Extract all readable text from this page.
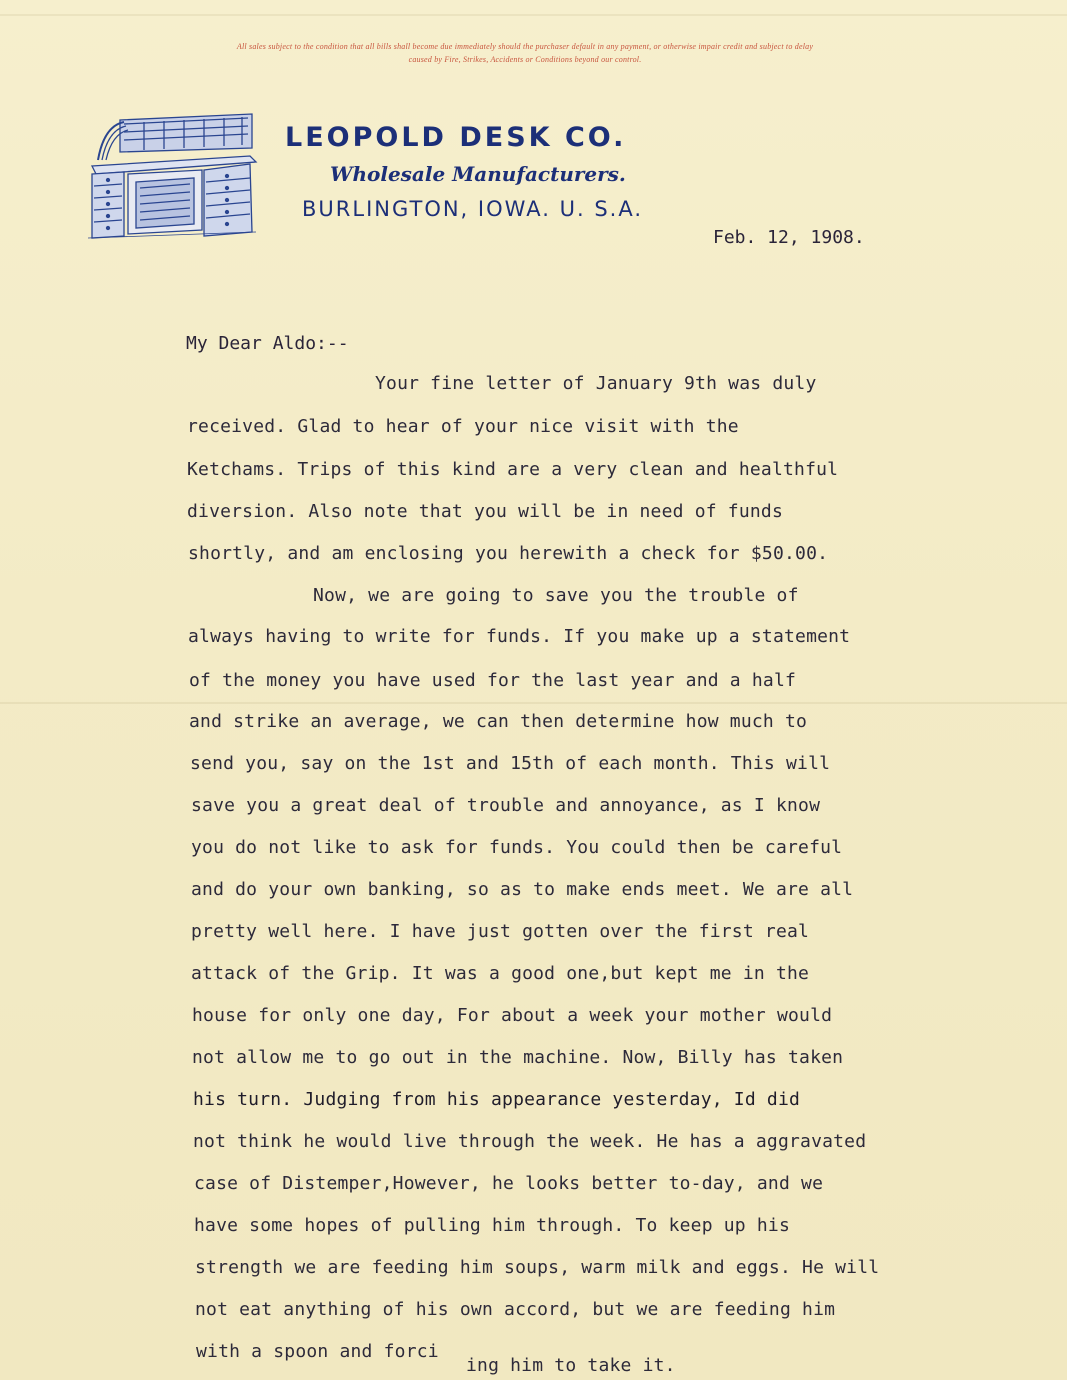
All sales subject to the condition that all bills shall become due immediately should the purchaser default in any payment, or otherwise impair credit and subject to delay
caused by Fire, Strikes, Accidents or Conditions beyond our control.
LEOPOLD DESK CO.
Wholesale Manufacturers.
BURLINGTON, IOWA. U. S.A.
Feb. 12, 1908.
My Dear Aldo:--
Your fine letter of January 9th was duly
received. Glad to hear of your nice visit with the
Ketchams. Trips of this kind are a very clean and healthful
diversion. Also note that you will be in need of funds
shortly, and am enclosing you herewith a check for $50.00.
Now, we are going to save you the trouble of
always having to write for funds. If you make up a statement
of the money you have used for the last year and a half
and strike an average, we can then determine how much to
send you, say on the 1st and 15th of each month. This will
save you a great deal of trouble and annoyance, as I know
you do not like to ask for funds. You could then be careful
and do your own banking, so as to make ends meet. We are all
pretty well here. I have just gotten over the first real
attack of the Grip. It was a good one,but kept me in the
house for only one day, For about a week your mother would
not allow me to go out in the machine. Now, Billy has taken
his turn. Judging from his appearance yesterday, Id did
not think he would live through the week. He has a aggravated
case of Distemper,However, he looks better to-day, and we
have some hopes of pulling him through. To keep up his
strength we are feeding him soups, warm milk and eggs. He will
not eat anything of his own accord, but we are feeding him
with a spoon and forci
ing him to take it.
